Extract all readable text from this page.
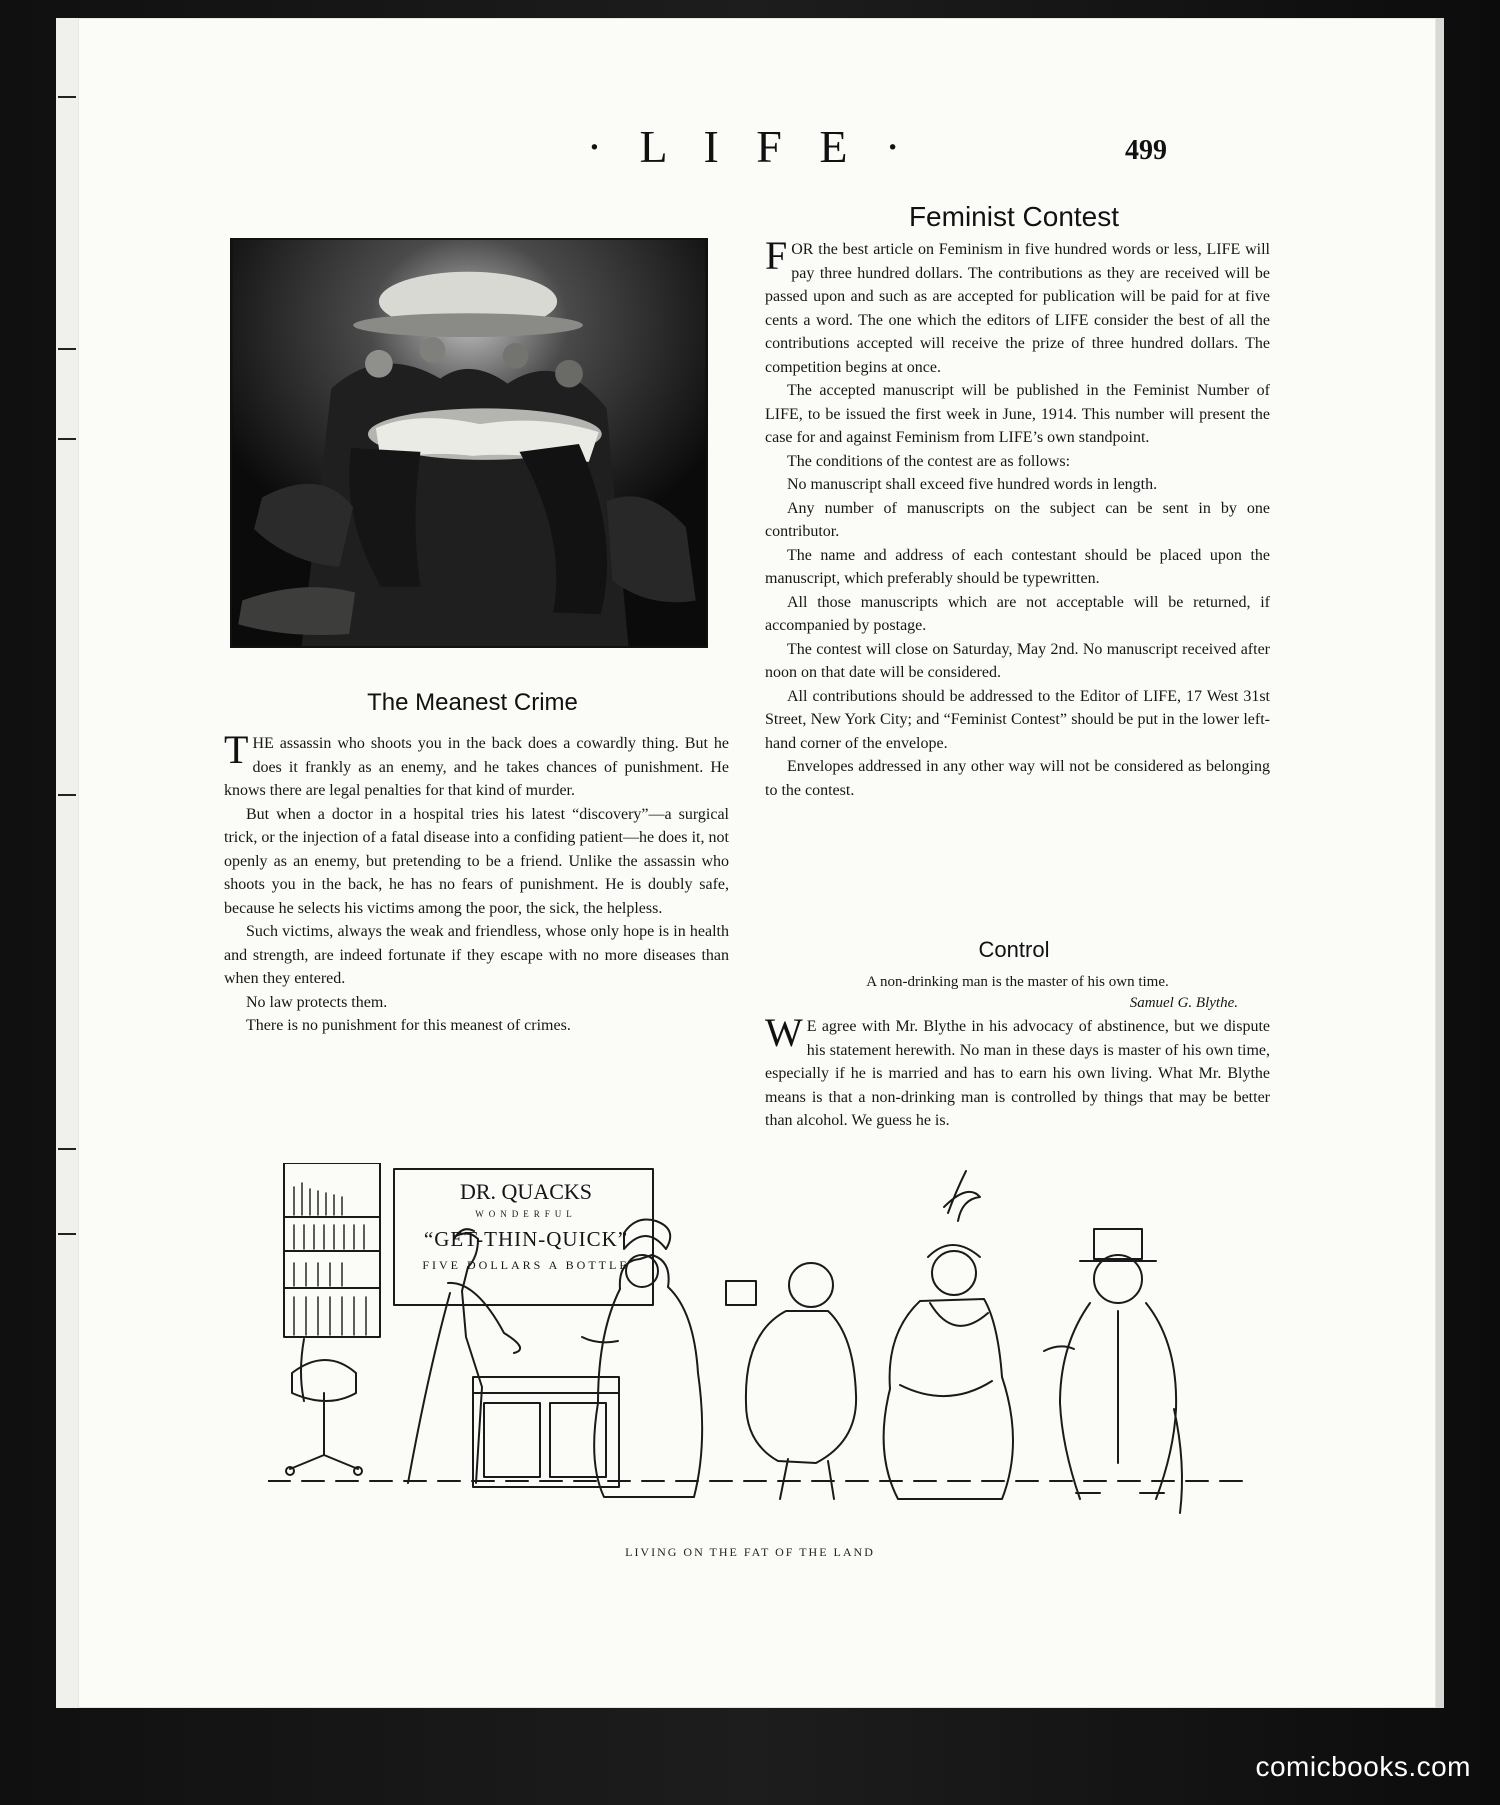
· L I F E ·	499
The Meanest Crime

T HE assassin who shoots you in the back does a cowardly thing. But he does it frankly as an enemy, and he takes chances of punishment. He knows there are legal penalties for that kind of murder.

But when a doctor in a hospital tries his latest “discovery”—a surgical trick, or the injection of a fatal disease into a confiding patient—he does it, not openly as an enemy, but pretending to be a friend. Unlike the assassin who shoots you in the back, he has no fears of punishment. He is doubly safe, because he selects his victims among the poor, the sick, the helpless.

Such victims, always the weak and friendless, whose only hope is in health and strength, are indeed fortunate if they escape with no more diseases than when they entered.

No law protects them.

There is no punishment for this meanest of crimes.

Feminist Contest

F OR the best article on Feminism in five hundred words or less, LIFE will pay three hundred dollars. The contributions as they are received will be passed upon and such as are accepted for publication will be paid for at five cents a word. The one which the editors of LIFE consider the best of all the contributions accepted will receive the prize of three hundred dollars. The competition begins at once.

The accepted manuscript will be published in the Feminist Number of LIFE, to be issued the first week in June, 1914. This number will present the case for and against Feminism from LIFE’s own standpoint.

The conditions of the contest are as follows:

No manuscript shall exceed five hundred words in length.

Any number of manuscripts on the subject can be sent in by one contributor.

The name and address of each contestant should be placed upon the manuscript, which preferably should be typewritten.

All those manuscripts which are not acceptable will be returned, if accompanied by postage.

The contest will close on Saturday, May 2nd. No manuscript received after noon on that date will be considered.

All contributions should be addressed to the Editor of LIFE, 17 West 31st Street, New York City; and “Feminist Contest” should be put in the lower left-hand corner of the envelope.

Envelopes addressed in any other way will not be considered as belonging to the contest.

Control
A non-drinking man is the master of his own time.
Samuel G. Blythe.

W E agree with Mr. Blythe in his advocacy of abstinence, but we dispute his statement herewith. No man in these days is master of his own time, especially if he is married and has to earn his own living. What Mr. Blythe means is that a non-drinking man is controlled by things that may be better than alcohol. We guess he is.

DR. QUACKS
WONDERFUL
“GET-THIN-QUICK”
FIVE DOLLARS A BOTTLE
LIVING ON THE FAT OF THE LAND
comicbooks.com
